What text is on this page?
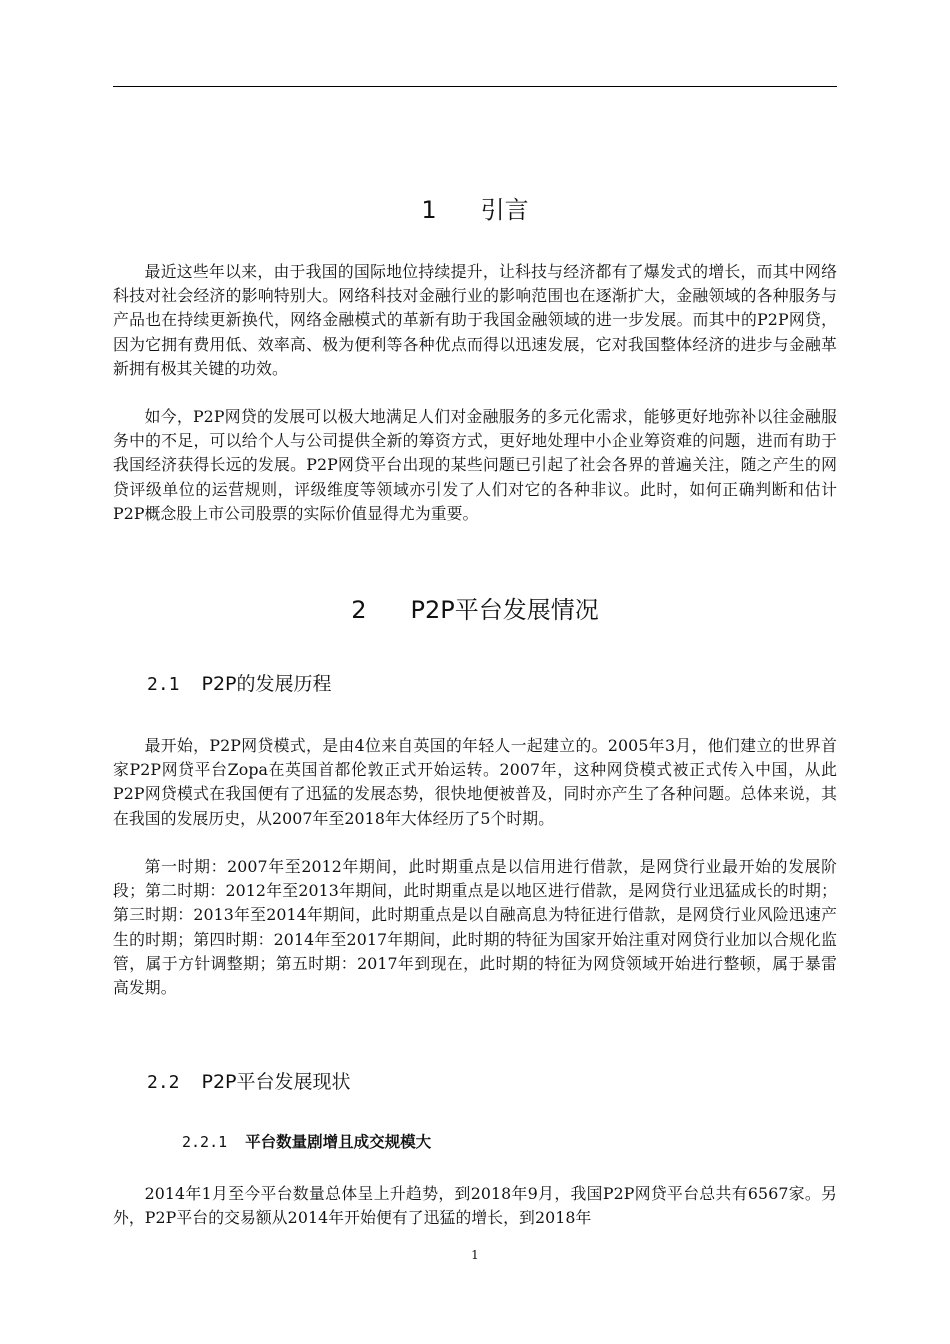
1 引言

最近这些年以来，由于我国的国际地位持续提升，让科技与经济都有了爆发式的增长，而其中网络科技对社会经济的影响特别大。网络科技对金融行业的影响范围也在逐渐扩大，金融领域的各种服务与产品也在持续更新换代，网络金融模式的革新有助于我国金融领域的进一步发展。而其中的P2P网贷，因为它拥有费用低、效率高、极为便利等各种优点而得以迅速发展，它对我国整体经济的进步与金融革新拥有极其关键的功效。

如今，P2P网贷的发展可以极大地满足人们对金融服务的多元化需求，能够更好地弥补以往金融服务中的不足，可以给个人与公司提供全新的筹资方式，更好地处理中小企业筹资难的问题，进而有助于我国经济获得长远的发展。P2P网贷平台出现的某些问题已引起了社会各界的普遍关注，随之产生的网贷评级单位的运营规则，评级维度等领域亦引发了人们对它的各种非议。此时，如何正确判断和估计P2P概念股上市公司股票的实际价值显得尤为重要。

2 P2P平台发展情况
2.1 P2P的发展历程

最开始，P2P网贷模式，是由4位来自英国的年轻人一起建立的。2005年3月，他们建立的世界首家P2P网贷平台Zopa在英国首都伦敦正式开始运转。2007年，这种网贷模式被正式传入中国，从此P2P网贷模式在我国便有了迅猛的发展态势，很快地便被普及，同时亦产生了各种问题。总体来说，其在我国的发展历史，从2007年至2018年大体经历了5个时期。

第一时期：2007年至2012年期间，此时期重点是以信用进行借款，是网贷行业最开始的发展阶段；第二时期：2012年至2013年期间，此时期重点是以地区进行借款，是网贷行业迅猛成长的时期；第三时期：2013年至2014年期间，此时期重点是以自融高息为特征进行借款，是网贷行业风险迅速产生的时期；第四时期：2014年至2017年期间，此时期的特征为国家开始注重对网贷行业加以合规化监管，属于方针调整期；第五时期：2017年到现在，此时期的特征为网贷领域开始进行整顿，属于暴雷高发期。

2.2 P2P平台发展现状
2.2.1 平台数量剧增且成交规模大

2014年1月至今平台数量总体呈上升趋势，到2018年9月，我国P2P网贷平台总共有6567家。另外，P2P平台的交易额从2014年开始便有了迅猛的增长，到2018年

1
